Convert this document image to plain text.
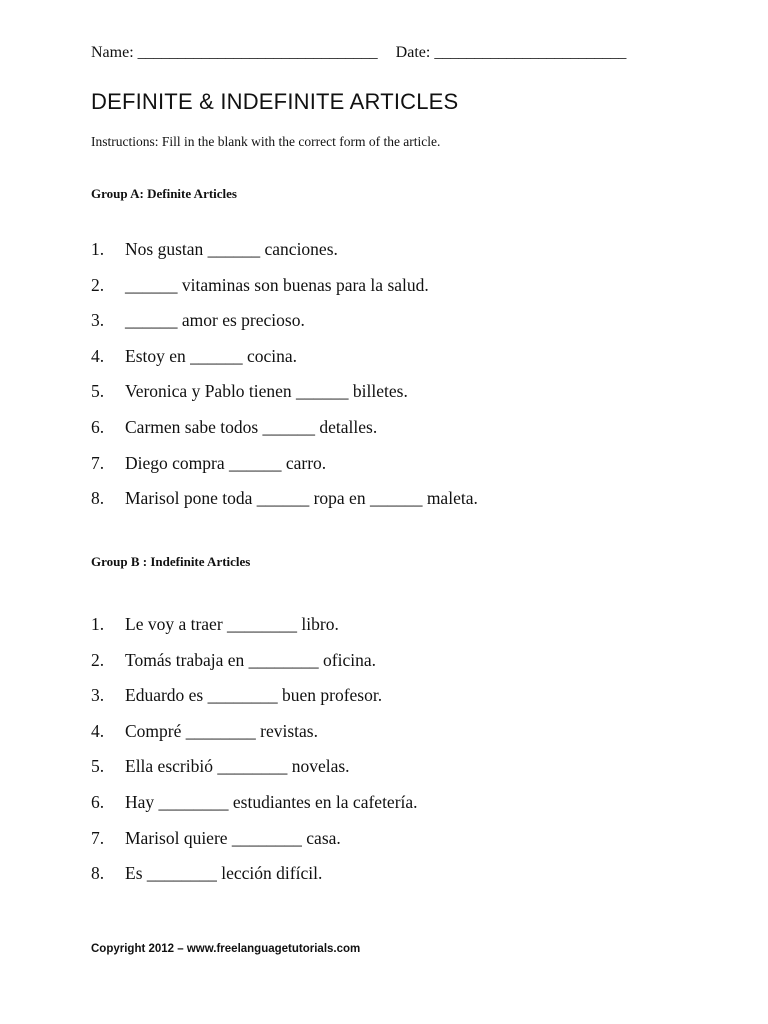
Name: ______________________________ Date: ________________________
DEFINITE & INDEFINITE ARTICLES
Instructions: Fill in the blank with the correct form of the article.
Group A: Definite Articles
1.	Nos gustan ______ canciones.
2.	______ vitaminas son buenas para la salud.
3.	______ amor es precioso.
4.	Estoy en ______ cocina.
5.	Veronica y Pablo tienen ______ billetes.
6.	Carmen sabe todos ______ detalles.
7.	Diego compra ______ carro.
8.	Marisol pone toda ______ ropa en ______ maleta.
Group B : Indefinite Articles
1.	Le voy a traer ________ libro.
2.	Tomás trabaja en ________ oficina.
3.	Eduardo es ________ buen profesor.
4.	Compré ________ revistas.
5.	Ella escribió ________ novelas.
6.	Hay ________ estudiantes en la cafetería.
7.	Marisol quiere ________ casa.
8.	Es ________ lección difícil.
Copyright 2012 – www.freelanguagetutorials.com
